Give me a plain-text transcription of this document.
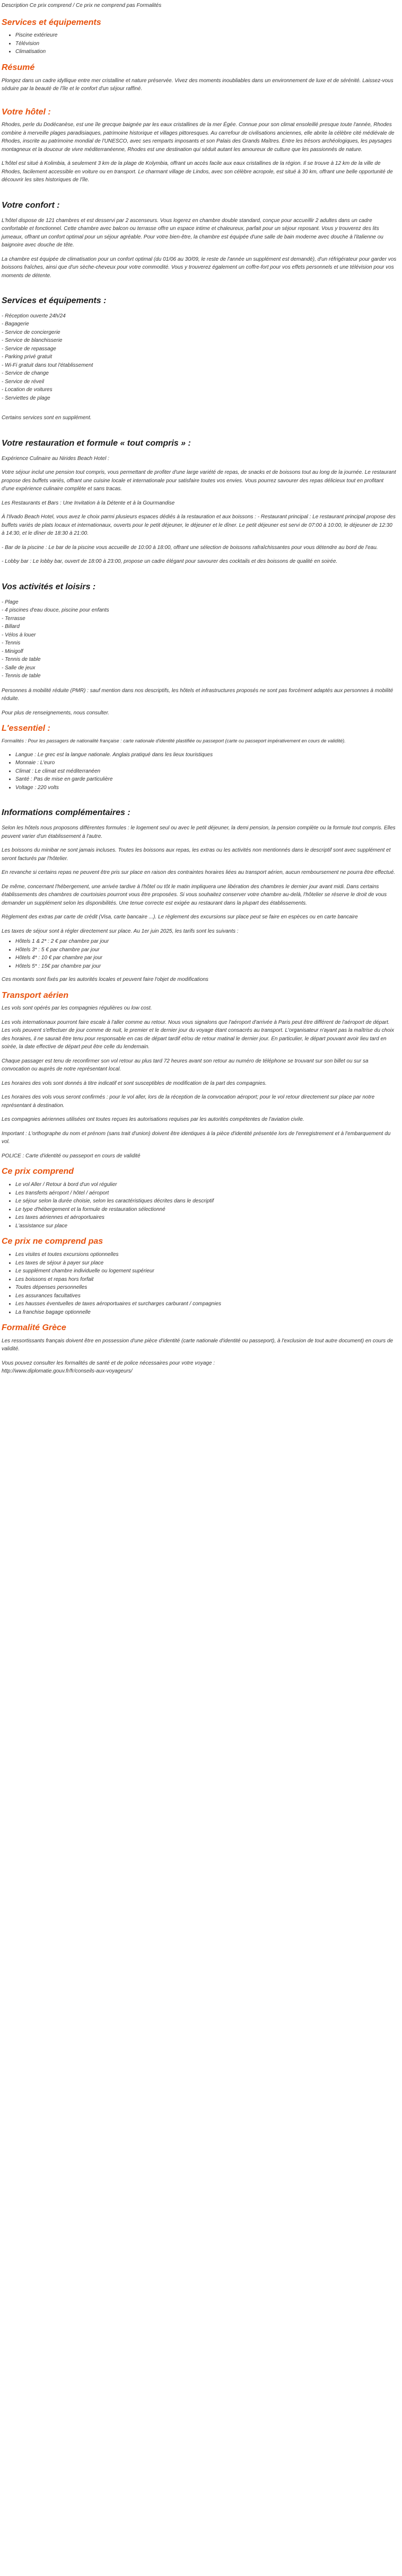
Description Ce prix comprend / Ce prix ne comprend pas Formalités

Services et équipements
• Piscine extérieure
• Télévision
• Climatisation
Résumé

Plongez dans un cadre idyllique entre mer cristalline et nature préservée. Vivez des moments inoubliables dans un environnement de luxe et de sérénité. Laissez-vous séduire par la beauté de l'île et le confort d'un séjour raffiné.

Votre hôtel :

Rhodes, perle du Dodécanèse, est une île grecque baignée par les eaux cristallines de la mer Égée. Connue pour son climat ensoleillé presque toute l'année, Rhodes combine à merveille plages paradisiaques, patrimoine historique et villages pittoresques. Au carrefour de civilisations anciennes, elle abrite la célèbre cité médiévale de Rhodes, inscrite au patrimoine mondial de l'UNESCO, avec ses remparts imposants et son Palais des Grands Maîtres. Entre les trésors archéologiques, les paysages montagneux et la douceur de vivre méditerranéenne, Rhodes est une destination qui séduit autant les amoureux de culture que les passionnés de nature.

L'hôtel est situé à Kolimbia, à seulement 3 km de la plage de Kolymbia, offrant un accès facile aux eaux cristallines de la région. Il se trouve à 12 km de la ville de Rhodes, facilement accessible en voiture ou en transport. Le charmant village de Lindos, avec son célèbre acropole, est situé à 30 km, offrant une belle opportunité de découvrir les sites historiques de l'île.

Votre confort :

L'hôtel dispose de 121 chambres et est desservi par 2 ascenseurs. Vous logerez en chambre double standard, conçue pour accueillir 2 adultes dans un cadre confortable et fonctionnel. Cette chambre avec balcon ou terrasse offre un espace intime et chaleureux, parfait pour un séjour reposant. Vous y trouverez des lits jumeaux, offrant un confort optimal pour un séjour agréable. Pour votre bien-être, la chambre est équipée d'une salle de bain moderne avec douche à l'italienne ou baignoire avec douche de tête.

La chambre est équipée de climatisation pour un confort optimal (du 01/06 au 30/09, le reste de l'année un supplément est demandé), d'un réfrigérateur pour garder vos boissons fraîches, ainsi que d'un sèche-cheveux pour votre commodité. Vous y trouverez également un coffre-fort pour vos effets personnels et une télévision pour vos moments de détente.

Services et équipements :
- Réception ouverte 24h/24
- Bagagerie
- Service de conciergerie
- Service de blanchisserie
- Service de repassage
- Parking privé gratuit
- Wi-Fi gratuit dans tout l'établissement
- Service de change
- Service de réveil
- Location de voitures
- Serviettes de plage

Certains services sont en supplément.

Votre restauration et formule « tout compris » :

Expérience Culinaire au Nirides Beach Hotel :

Votre séjour inclut une pension tout compris, vous permettant de profiter d'une large variété de repas, de snacks et de boissons tout au long de la journée. Le restaurant propose des buffets variés, offrant une cuisine locale et internationale pour satisfaire toutes vos envies. Vous pourrez savourer des repas délicieux tout en profitant d'une expérience culinaire complète et sans tracas.

Les Restaurants et Bars : Une Invitation à la Détente et à la Gourmandise

À l'Ilvado Beach Hotel, vous avez le choix parmi plusieurs espaces dédiés à la restauration et aux boissons : - Restaurant principal : Le restaurant principal propose des buffets variés de plats locaux et internationaux, ouverts pour le petit déjeuner, le déjeuner et le dîner. Le petit déjeuner est servi de 07:00 à 10:00, le déjeuner de 12:30 à 14:30, et le dîner de 18:30 à 21:00.

- Bar de la piscine : Le bar de la piscine vous accueille de 10:00 à 18:00, offrant une sélection de boissons rafraîchissantes pour vous détendre au bord de l'eau.

- Lobby bar : Le lobby bar, ouvert de 18:00 à 23:00, propose un cadre élégant pour savourer des cocktails et des boissons de qualité en soirée.

Vos activités et loisirs :
- Plage
- 4 piscines d'eau douce, piscine pour enfants
- Terrasse
- Billard
- Vélos à louer
- Tennis
- Minigolf
- Tennis de table
- Salle de jeux
- Tennis de table

Personnes à mobilité réduite (PMR) : sauf mention dans nos descriptifs, les hôtels et infrastructures proposés ne sont pas forcément adaptés aux personnes à mobilité réduite.

Pour plus de renseignements, nous consulter.

L'essentiel :

Formalités : Pour les passagers de nationalité française : carte nationale d'identité plastifiée ou passeport (carte ou passeport impérativement en cours de validité).

• Langue : Le grec est la langue nationale. Anglais pratiqué dans les lieux touristiques
• Monnaie : L'euro
• Climat : Le climat est méditerranéen
• Santé : Pas de mise en garde particulière
• Voltage : 220 volts
Informations complémentaires :

Selon les hôtels nous proposons différentes formules : le logement seul ou avec le petit déjeuner, la demi pension, la pension complète ou la formule tout compris. Elles peuvent varier d'un établissement à l'autre.

Les boissons du minibar ne sont jamais incluses. Toutes les boissons aux repas, les extras ou les activités non mentionnés dans le descriptif sont avec supplément et seront facturés par l'hôtelier.

En revanche si certains repas ne peuvent être pris sur place en raison des contraintes horaires liées au transport aérien, aucun remboursement ne pourra être effectué.

De même, concernant l'hébergement, une arrivée tardive à l'hôtel ou tôt le matin impliquera une libération des chambres le dernier jour avant midi. Dans certains établissements des chambres de courtoisies pourront vous être proposées. Si vous souhaitez conserver votre chambre au-delà, l'hôtelier se réserve le droit de vous demander un supplément selon les disponibilités. Une tenue correcte est exigée au restaurant dans la plupart des établissements.

Règlement des extras par carte de crédit (Visa, carte bancaire ...). Le règlement des excursions sur place peut se faire en espèces ou en carte bancaire

Les taxes de séjour sont à régler directement sur place. Au 1er juin 2025, les tarifs sont les suivants :

• Hôtels 1 & 2* : 2 € par chambre par jour
• Hôtels 3* : 5 € par chambre par jour
• Hôtels 4* : 10 € par chambre par jour
• Hôtels 5* : 15€ par chambre par jour

Ces montants sont fixés par les autorités locales et peuvent faire l'objet de modifications

Transport aérien

Les vols sont opérés par les compagnies régulières ou low cost.

Les vols internationaux pourront faire escale à l'aller comme au retour. Nous vous signalons que l'aéroport d'arrivée à Paris peut être différent de l'aéroport de départ. Les vols peuvent s'effectuer de jour comme de nuit, le premier et le dernier jour du voyage étant consacrés au transport. L'organisateur n'ayant pas la maîtrise du choix des horaires, il ne saurait être tenu pour responsable en cas de départ tardif et/ou de retour matinal le dernier jour. En particulier, le départ pouvant avoir lieu tard en soirée, la date effective de départ peut être celle du lendemain.

Chaque passager est tenu de reconfirmer son vol retour au plus tard 72 heures avant son retour au numéro de téléphone se trouvant sur son billet ou sur sa convocation ou auprès de notre représentant local.

Les horaires des vols sont donnés à titre indicatif et sont susceptibles de modification de la part des compagnies.

Les horaires des vols vous seront confirmés : pour le vol aller, lors de la réception de la convocation aéroport; pour le vol retour directement sur place par notre représentant à destination.

Les compagnies aériennes utilisées ont toutes reçues les autorisations requises par les autorités compétentes de l'aviation civile.

Important : L'orthographe du nom et prénom (sans trait d'union) doivent être identiques à la pièce d'identité présentée lors de l'enregistrement et à l'embarquement du vol.

POLICE : Carte d'identité ou passeport en cours de validité

Ce prix comprend
• Le vol Aller / Retour à bord d'un vol régulier
• Les transferts aéroport / hôtel / aéroport
• Le séjour selon la durée choisie, selon les caractéristiques décrites dans le descriptif
• Le type d'hébergement et la formule de restauration sélectionné
• Les taxes aériennes et aéroportuaires
• L'assistance sur place
Ce prix ne comprend pas
• Les visites et toutes excursions optionnelles
• Les taxes de séjour à payer sur place
• Le supplément chambre individuelle ou logement supérieur
• Les boissons et repas hors forfait
• Toutes dépenses personnelles
• Les assurances facultatives
• Les hausses éventuelles de taxes aéroportuaires et surcharges carburant / compagnies
• La franchise bagage optionnelle
Formalité Grèce

Les ressortissants français doivent être en possession d'une pièce d'identité (carte nationale d'identité ou passeport), à l'exclusion de tout autre document) en cours de validité.

Vous pouvez consulter les formalités de santé et de police nécessaires pour votre voyage :

http://www.diplomatie.gouv.fr/fr/conseils-aux-voyageurs/
